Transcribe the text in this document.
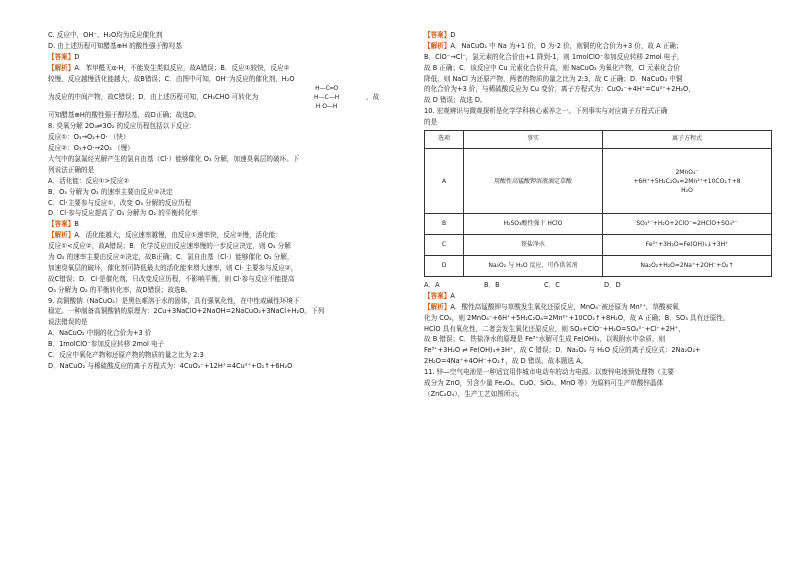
C. 反应中，OH⁻、H₂O均为反应催化剂
D. 由上述历程可知醋基⊕H 的酸性强于醇羟基
【答案】D
【解析】A．苯甲醛无α-H，不能发生类似反应，故A错误；B．反应①较快，反应②
较慢，反应越慢活化能越大，故B错误；C．由图中可知，OH⁻为反应的催化剂，H₂O
为反应的中间产物，故C错误；D．由上述历程可知，CH₃CHO 可转化为
H—C═O
H—C—H
H O—H
，故
可知醋基⊕H的酸性强于醇羟基，故D正确；故选D。
8. 臭氧分解 2O₃⇌3O₂ 的反应历程包括以下反应：
反应①：O₃→O₂+O· （快）
反应②：O₃+O·→2O₂ （慢）
大气中的氯氟烃光解产生的氯自由基（Cl·）能够催化 O₃ 分解，加速臭氧层的破坏。下
列说法正确的是
A．活化能：反应①>反应②
B．O₃ 分解为 O₂ 的速率主要由反应②决定
C．Cl·主要参与反应①，改变 O₃ 分解的反应历程
D．Cl·参与反应提高了 O₃ 分解为 O₂ 的平衡转化率
【答案】B
【解析】A．活化能越大，反应速率越慢，由反应①速率快，反应②慢，活化能：
反应①<反应②，故A错误；B．化学反应由反应速率慢的一步反应决定，则 O₃ 分解
为 O₂ 的速率主要由反应②决定，故B正确；C．氯自由基（Cl·）能够催化 O₃ 分解，
加速臭氧层的破坏，催化剂可降低最大的活化能来增大速率，则 Cl· 主要参与反应②，
故C错误；D．Cl·是催化剂，只改变反应历程，不影响平衡，则 Cl·参与反应不能提高
O₃ 分解为 O₂ 的平衡转化率，故D错误；故选B。
9. 高铜酸钠（NaCuO₂）是黑色难溶于水的固体，具有强氧化性，在中性或碱性环境下
稳定。一种制备高铜酸钠的原理为：2Cu+3NaClO+2NaOH=2NaCuO₂+3NaCl+H₂O。下列
说法错误的是
A．NaCuO₂ 中铜的化合价为+3 价
B．1molClO⁻参加反应转移 2mol 电子
C．反应中氧化产物和还原产物的物质的量之比为 2:3
D．NaCuO₂ 与稀硫酸反应的离子方程式为：4CuO₂⁻+12H⁺=4Cu²⁺+O₂↑+6H₂O
【答案】D
【解析】A．NaCuO₂ 中 Na 为+1 价，O 为-2 价，则铜的化合价为+3 价，故 A 正确；
B．ClO⁻→Cl⁻，氯元素的化合价由+1 降到-1，则 1molClO⁻参加反应转移 2mol 电子，
故 B 正确；C．该反应中 Cu 元素化合价升高，则 NaCuO₂ 为氧化产物，Cl 元素化合价
降低，则 NaCl 为还原产物，两者的物质的量之比为 2:3，故 C 正确；D．NaCuO₂ 中铜
的化合价为+3 价，与稀硫酸反应为 Cu 变价，离子方程式为：CuO₂⁻+4H⁺=Cu²⁺+2H₂O，
故 D 错误；故选 D。
10. 宏观辨识与微观探析是化学学科核心素养之一。下列事实与对应离子方程式正确
的是
选项	事实	离子方程式
A	用酸性高锰酸钾溶液滴定草酸	2MnO₄⁻
+6H⁺+5H₂C₂O₄=2Mn²⁺+10CO₂↑+8
H₂O

B	H₂SO₃酸性强于 HClO	SO₃²⁻+H₂O+2ClO⁻=2HClO+SO₄²⁻
C	铁盐净水	Fe³⁺+3H₂O=Fe(OH)₃↓+3H⁺
D	Na₂O₂ 与 H₂O 反应，可作供氧剂	Na₂O₂+H₂O=2Na⁺+2OH⁻+O₂↑
A．A	B．B	C．C	D．D
【答案】A
【解析】A．酸性高锰酸钾与草酸发生氧化还原反应，MnO₄⁻被还原为 Mn²⁺，草酸被氧
化为 CO₂，则 2MnO₄⁻+6H⁺+5H₂C₂O₄=2Mn²⁺+10CO₂↑+8H₂O，故 A 正确；B．SO₃ 具有还原性，
HClO 具有氧化性，二者会发生氧化还原反应，则 SO₃+ClO⁻+H₂O=SO₄²⁻+Cl⁻+2H⁺，
故 B 错误；C．铁盐净水的原理是 Fe³⁺水解可生成 Fe(OH)₃，以吸附水中杂质，则
Fe³⁺+3H₂O ⇌ Fe(OH)₃+3H⁺，故 C 错误；D．Na₂O₂ 与 H₂O 反应的离子反应式：2Na₂O₂+
2H₂O=4Na⁺+4OH⁻+O₂↑，故 D 错误。故本题选 A。
11. 锌—空气电池是一种适宜用作城市电动车的动力电源。以废锌电池预处理物（主要
成分为 ZnO，另含少量 Fe₂O₃、CuO、SiO₂、MnO 等）为原料可生产草酸锌晶体
（ZnC₂O₄），生产工艺如图所示。
